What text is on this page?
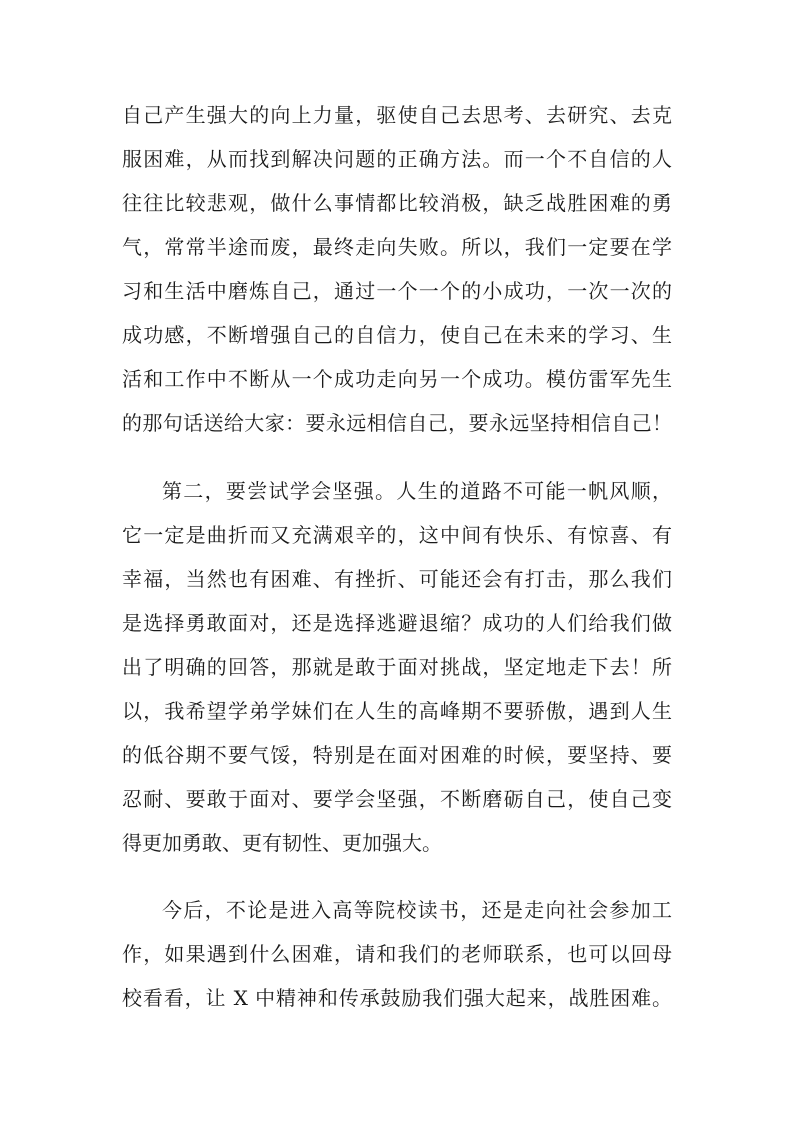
自己产生强大的向上力量，驱使自己去思考、去研究、去克
服困难，从而找到解决问题的正确方法。而一个不自信的人
往往比较悲观，做什么事情都比较消极，缺乏战胜困难的勇
气，常常半途而废，最终走向失败。所以，我们一定要在学
习和生活中磨炼自己，通过一个一个的小成功，一次一次的
成功感，不断增强自己的自信力，使自己在未来的学习、生
活和工作中不断从一个成功走向另一个成功。模仿雷军先生
的那句话送给大家：要永远相信自己，要永远坚持相信自己！
第二，要尝试学会坚强。人生的道路不可能一帆风顺，
它一定是曲折而又充满艰辛的，这中间有快乐、有惊喜、有
幸福，当然也有困难、有挫折、可能还会有打击，那么我们
是选择勇敢面对，还是选择逃避退缩？成功的人们给我们做
出了明确的回答，那就是敢于面对挑战，坚定地走下去！所
以，我希望学弟学妹们在人生的高峰期不要骄傲，遇到人生
的低谷期不要气馁，特别是在面对困难的时候，要坚持、要
忍耐、要敢于面对、要学会坚强，不断磨砺自己，使自己变
得更加勇敢、更有韧性、更加强大。
今后，不论是进入高等院校读书，还是走向社会参加工
作，如果遇到什么困难，请和我们的老师联系，也可以回母
校看看，让 X 中精神和传承鼓励我们强大起来，战胜困难。
